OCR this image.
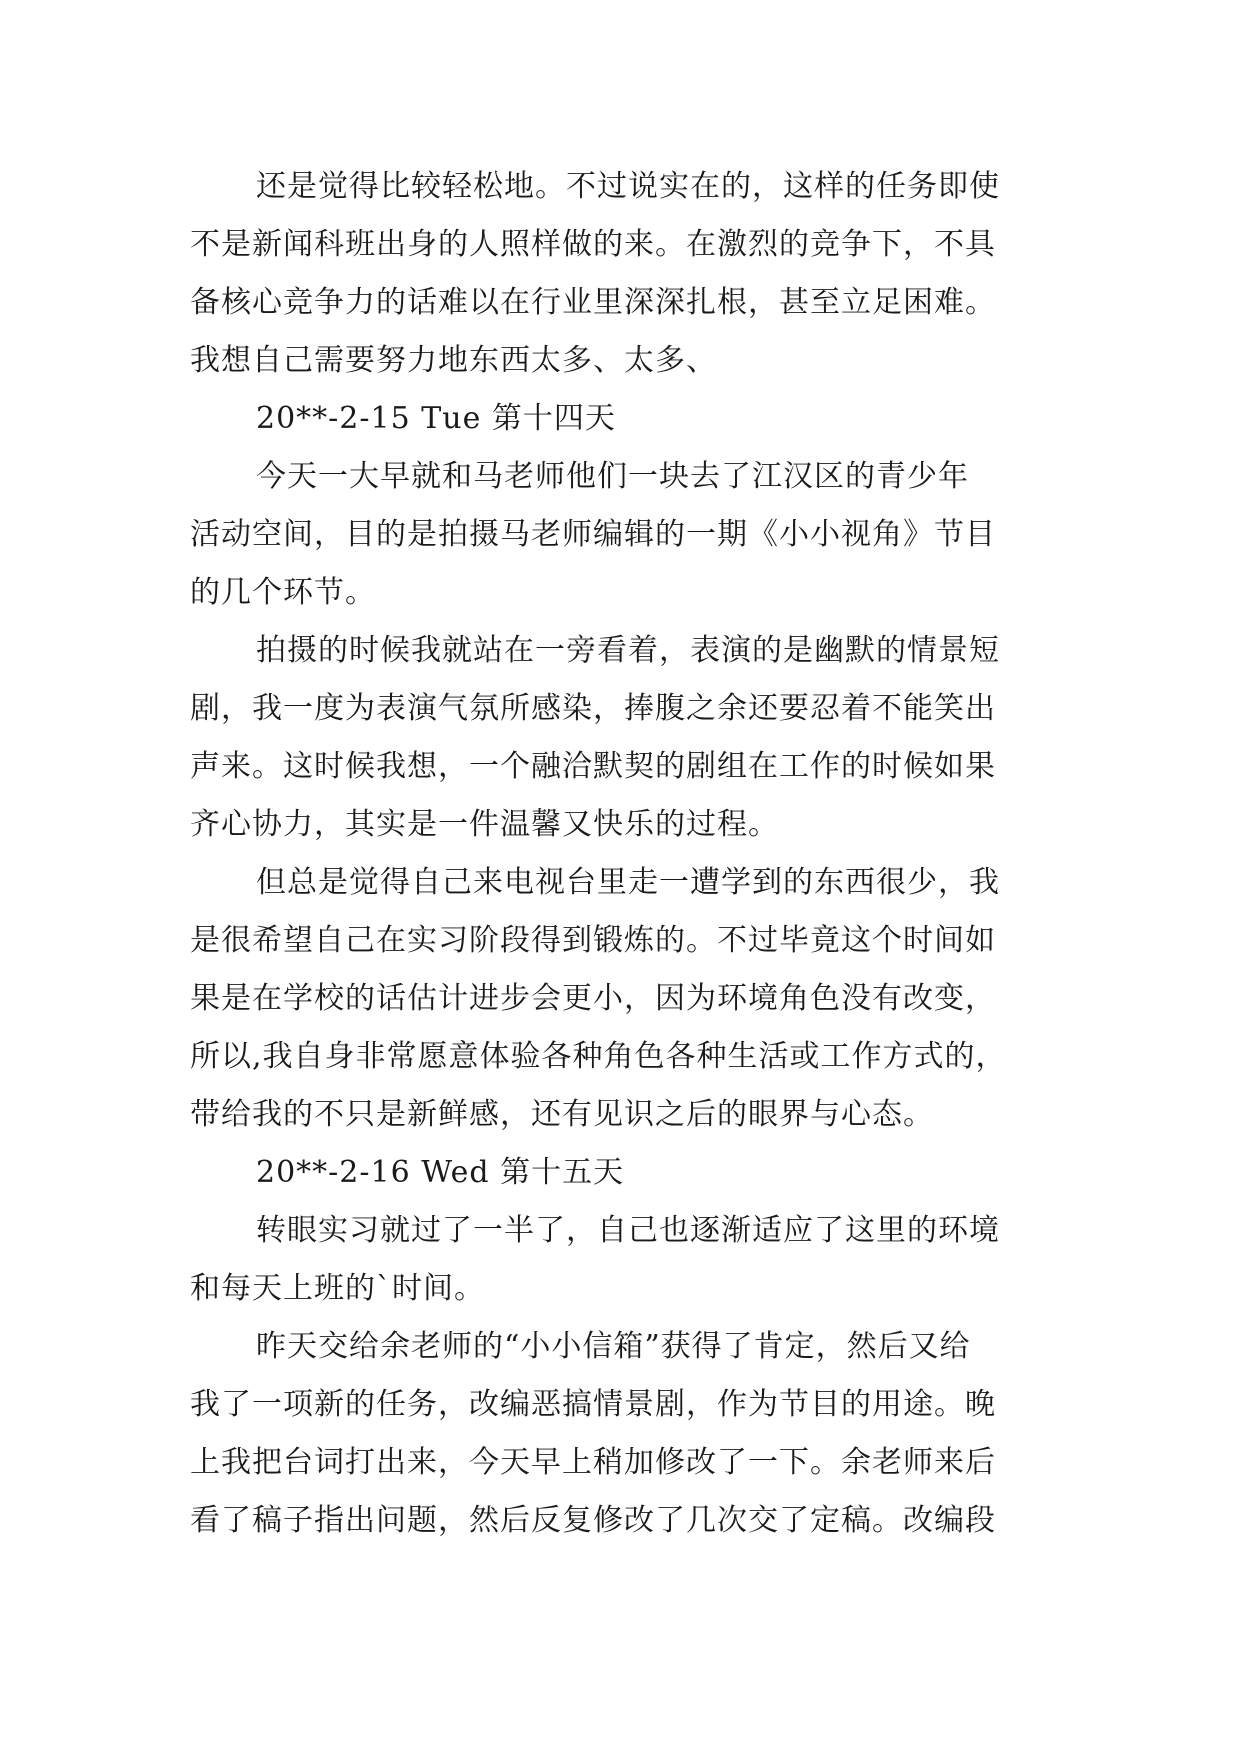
还是觉得比较轻松地。不过说实在的，这样的任务即使
不是新闻科班出身的人照样做的来。在激烈的竞争下，不具
备核心竞争力的话难以在行业里深深扎根，甚至立足困难。
我想自己需要努力地东西太多、太多、
20**-2-15 Tue 第十四天
今天一大早就和马老师他们一块去了江汉区的青少年
活动空间，目的是拍摄马老师编辑的一期《小小视角》节目
的几个环节。
拍摄的时候我就站在一旁看着，表演的是幽默的情景短
剧，我一度为表演气氛所感染，捧腹之余还要忍着不能笑出
声来。这时候我想，一个融洽默契的剧组在工作的时候如果
齐心协力，其实是一件温馨又快乐的过程。
但总是觉得自己来电视台里走一遭学到的东西很少，我
是很希望自己在实习阶段得到锻炼的。不过毕竟这个时间如
果是在学校的话估计进步会更小，因为环境角色没有改变，
所以,我自身非常愿意体验各种角色各种生活或工作方式的，
带给我的不只是新鲜感，还有见识之后的眼界与心态。
20**-2-16 Wed 第十五天
转眼实习就过了一半了，自己也逐渐适应了这里的环境
和每天上班的`时间。
昨天交给余老师的“小小信箱”获得了肯定，然后又给
我了一项新的任务，改编恶搞情景剧，作为节目的用途。晚
上我把台词打出来，今天早上稍加修改了一下。余老师来后
看了稿子指出问题，然后反复修改了几次交了定稿。改编段
